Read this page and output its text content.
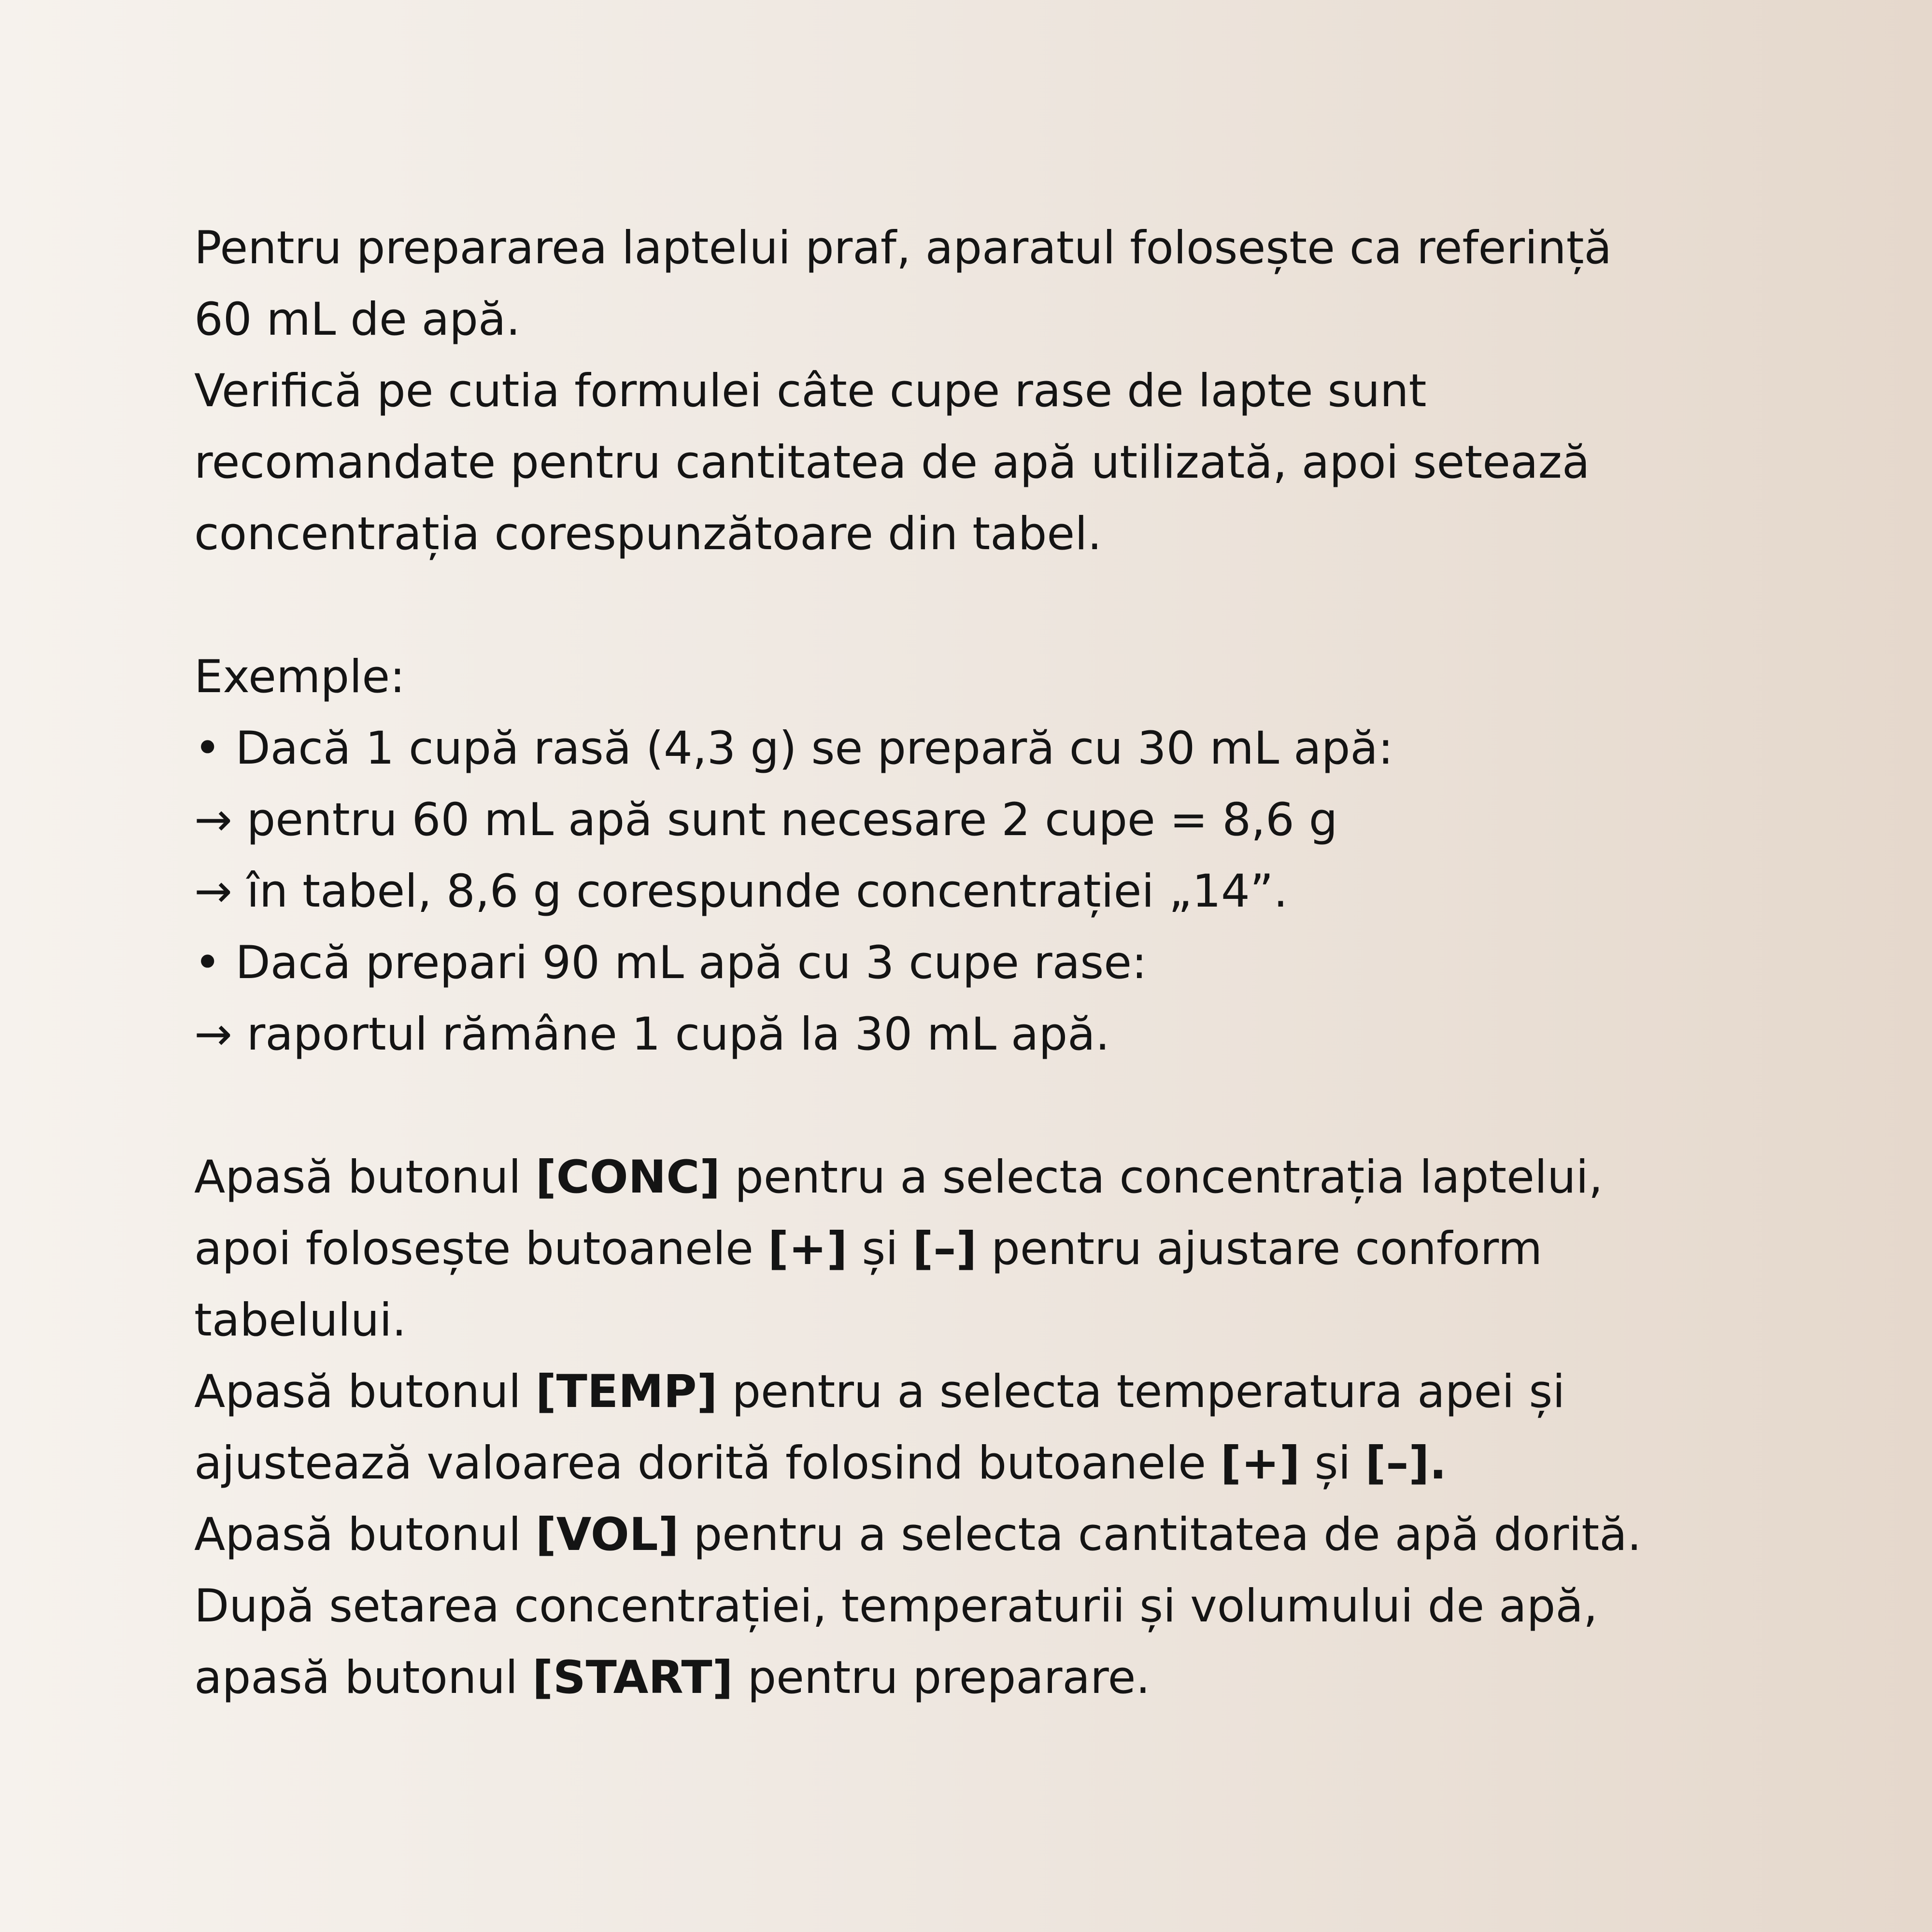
Pentru prepararea laptelui praf, aparatul folosește ca referință
60 mL de apă.
Verifică pe cutia formulei câte cupe rase de lapte sunt
recomandate pentru cantitatea de apă utilizată, apoi setează
concentrația corespunzătoare din tabel.
Exemple:
• Dacă 1 cupă rasă (4,3 g) se prepară cu 30 mL apă:
→ pentru 60 mL apă sunt necesare 2 cupe = 8,6 g
→ în tabel, 8,6 g corespunde concentrației „14”.
• Dacă prepari 90 mL apă cu 3 cupe rase:
→ raportul rămâne 1 cupă la 30 mL apă.
Apasă butonul [CONC] pentru a selecta concentrația laptelui,
apoi folosește butoanele [+] și [–] pentru ajustare conform
tabelului.
Apasă butonul [TEMP] pentru a selecta temperatura apei și
ajustează valoarea dorită folosind butoanele [+] și [–].
Apasă butonul [VOL] pentru a selecta cantitatea de apă dorită.
După setarea concentrației, temperaturii și volumului de apă,
apasă butonul [START] pentru preparare.
